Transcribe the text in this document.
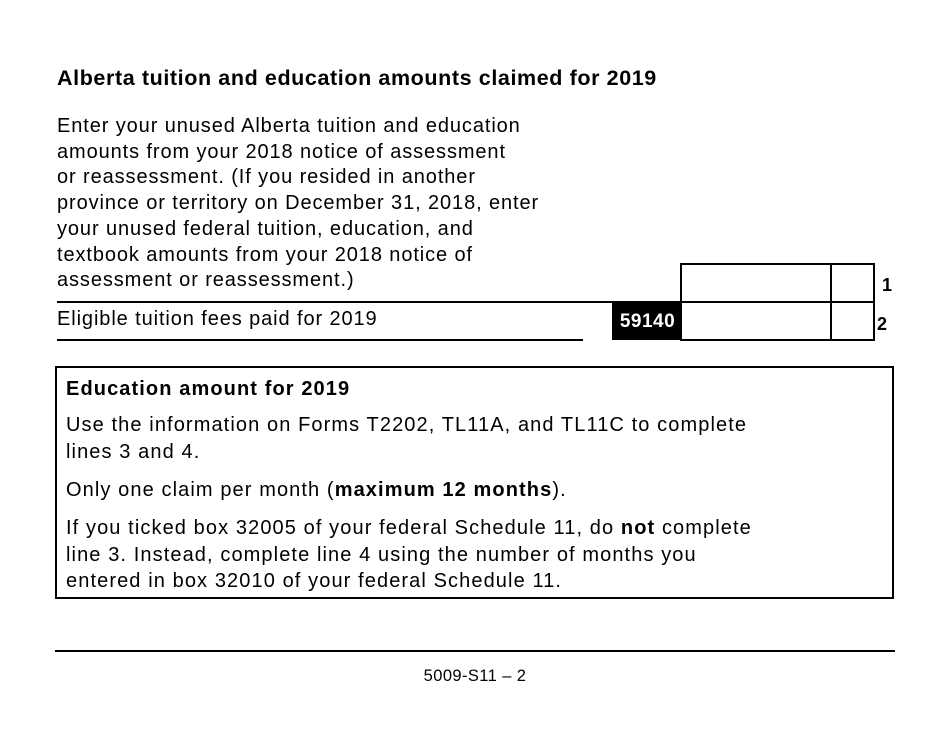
Alberta tuition and education amounts claimed for 2019
Enter your unused Alberta tuition and education
amounts from your 2018 notice of assessment
or reassessment. (If you resided in another
province or territory on December 31, 2018, enter
your unused federal tuition, education, and
textbook amounts from your 2018 notice of
assessment or reassessment.)	1
Eligible tuition fees paid for 2019	59140	2
Education amount for 2019
Use the information on Forms T2202, TL11A, and TL11C to complete
lines 3 and 4.
Only one claim per month (maximum 12 months).
If you ticked box 32005 of your federal Schedule 11, do not complete
line 3. Instead, complete line 4 using the number of months you
entered in box 32010 of your federal Schedule 11.
5009-S11 – 2
